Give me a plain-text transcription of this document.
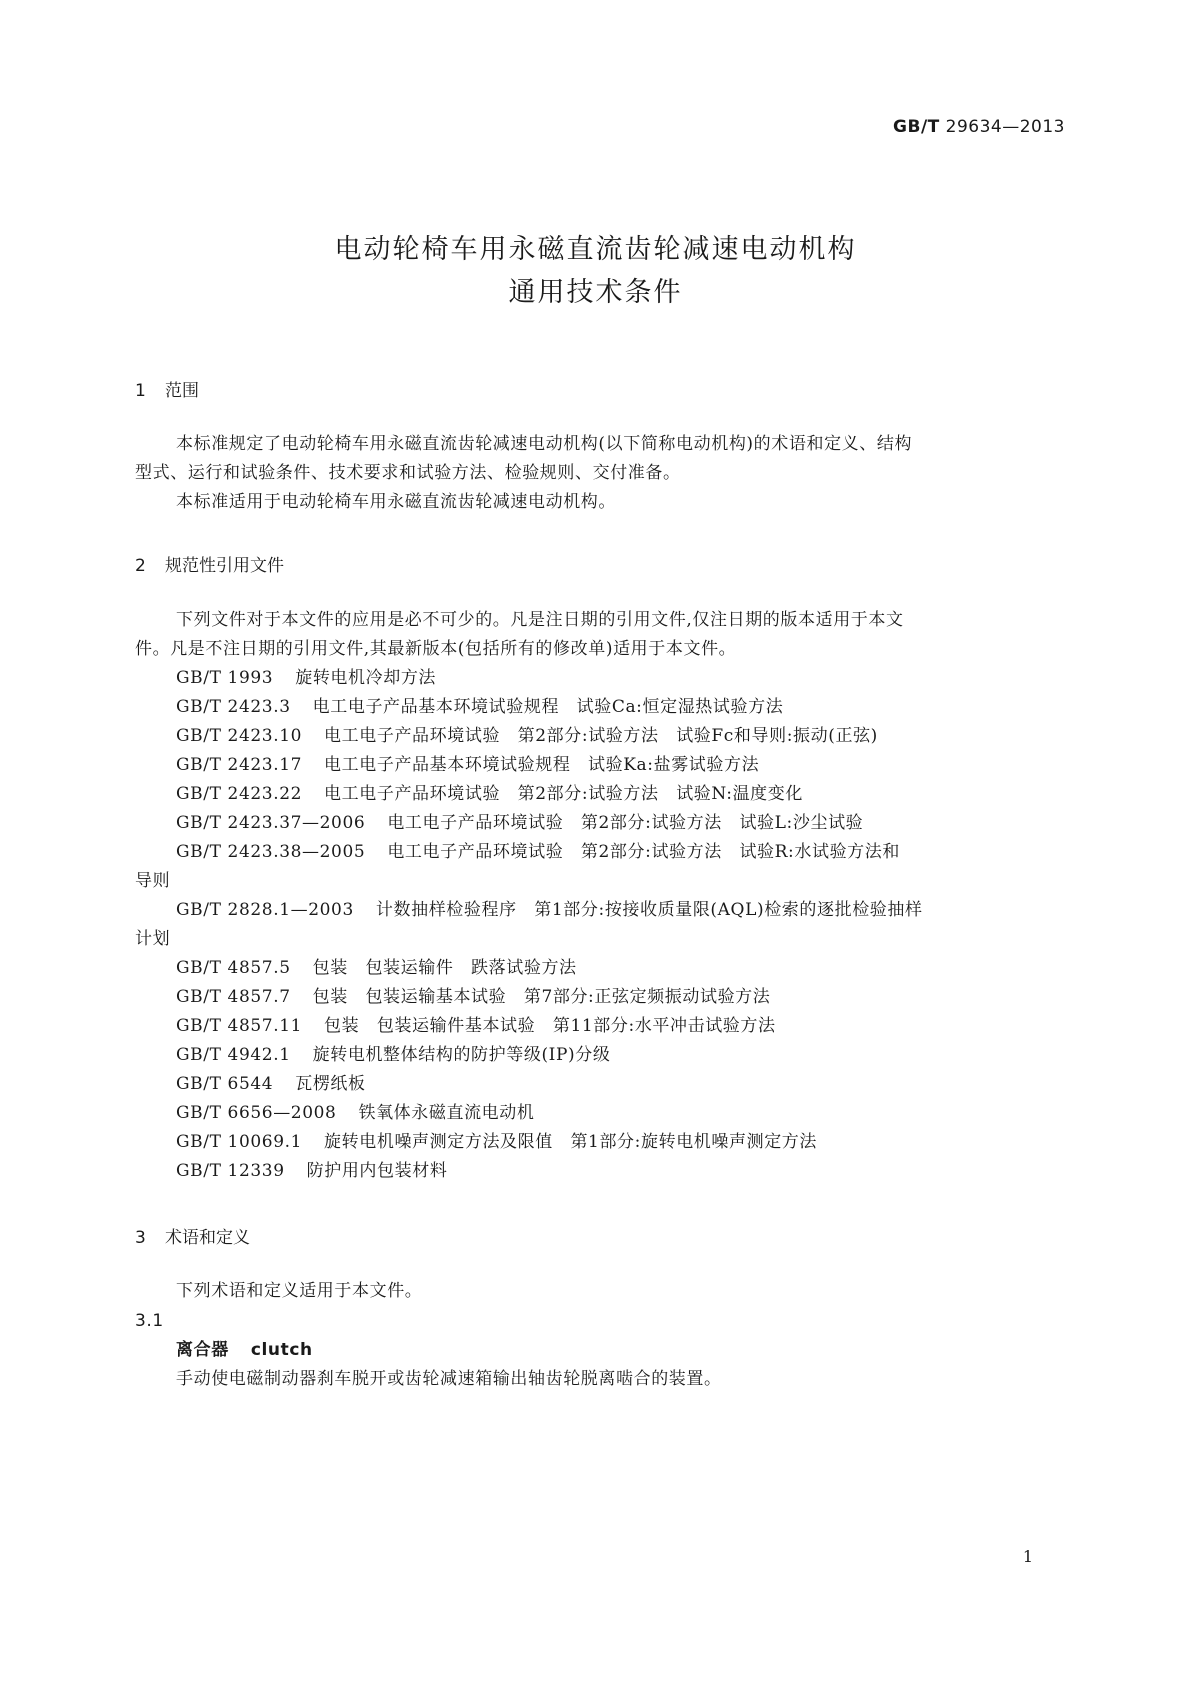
GB/T 29634—2013
电动轮椅车用永磁直流齿轮减速电动机构
通用技术条件
1 范围
本标准规定了电动轮椅车用永磁直流齿轮减速电动机构(以下简称电动机构)的术语和定义、结构
型式、运行和试验条件、技术要求和试验方法、检验规则、交付准备。
本标准适用于电动轮椅车用永磁直流齿轮减速电动机构。
2 规范性引用文件
下列文件对于本文件的应用是必不可少的。凡是注日期的引用文件,仅注日期的版本适用于本文
件。凡是不注日期的引用文件,其最新版本(包括所有的修改单)适用于本文件。
GB/T 1993 旋转电机冷却方法
GB/T 2423.3 电工电子产品基本环境试验规程　试验Ca:恒定湿热试验方法
GB/T 2423.10 电工电子产品环境试验　第2部分:试验方法　试验Fc和导则:振动(正弦)
GB/T 2423.17 电工电子产品基本环境试验规程　试验Ka:盐雾试验方法
GB/T 2423.22 电工电子产品环境试验　第2部分:试验方法　试验N:温度变化
GB/T 2423.37—2006 电工电子产品环境试验　第2部分:试验方法　试验L:沙尘试验
GB/T 2423.38—2005 电工电子产品环境试验　第2部分:试验方法　试验R:水试验方法和
导则
GB/T 2828.1—2003 计数抽样检验程序　第1部分:按接收质量限(AQL)检索的逐批检验抽样
计划
GB/T 4857.5 包装　包装运输件　跌落试验方法
GB/T 4857.7 包装　包装运输基本试验　第7部分:正弦定频振动试验方法
GB/T 4857.11 包装　包装运输件基本试验　第11部分:水平冲击试验方法
GB/T 4942.1 旋转电机整体结构的防护等级(IP)分级
GB/T 6544 瓦楞纸板
GB/T 6656—2008 铁氧体永磁直流电动机
GB/T 10069.1 旋转电机噪声测定方法及限值　第1部分:旋转电机噪声测定方法
GB/T 12339 防护用内包装材料
3 术语和定义
下列术语和定义适用于本文件。
3.1
离合器 clutch
手动使电磁制动器刹车脱开或齿轮减速箱输出轴齿轮脱离啮合的装置。
1
